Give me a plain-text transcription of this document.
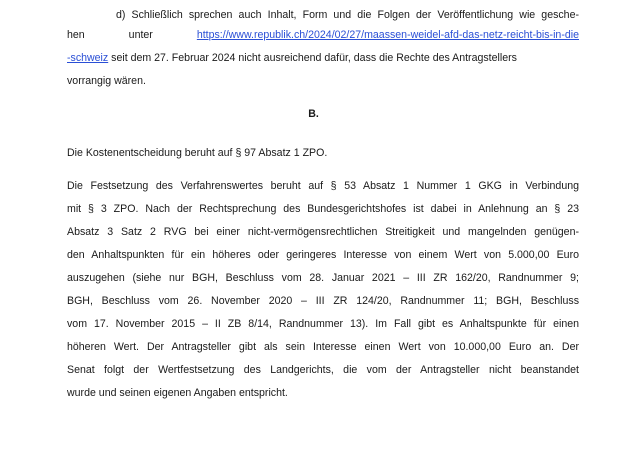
d) Schließlich sprechen auch Inhalt, Form und die Folgen der Veröffentlichung wie gesche-
hen unter	https://www.republik.ch/2024/02/27/maassen-weidel-afd-das-netz-reicht-bis-in-die
-schweiz seit dem 27. Februar 2024 nicht ausreichend dafür, dass die Rechte des Antragstellers
vorrangig wären.
B.
Die Kostenentscheidung beruht auf § 97 Absatz 1 ZPO.
Die Festsetzung des Verfahrenswertes beruht auf § 53 Absatz 1 Nummer 1 GKG in Verbindung
mit § 3 ZPO. Nach der Rechtsprechung des Bundesgerichtshofes ist dabei in Anlehnung an § 23
Absatz 3 Satz 2 RVG bei einer nicht-vermögensrechtlichen Streitigkeit und mangelnden genügen-
den Anhaltspunkten für ein höheres oder geringeres Interesse von einem Wert von 5.000,00 Euro
auszugehen (siehe nur BGH, Beschluss vom 28. Januar 2021 – III ZR 162/20, Randnummer 9;
BGH, Beschluss vom 26. November 2020 – III ZR 124/20, Randnummer 11; BGH, Beschluss
vom 17. November 2015 – II ZB 8/14, Randnummer 13). Im Fall gibt es Anhaltspunkte für einen
höheren Wert. Der Antragsteller gibt als sein Interesse einen Wert von 10.000,00 Euro an. Der
Senat folgt der Wertfestsetzung des Landgerichts, die vom der Antragsteller nicht beanstandet
wurde und seinen eigenen Angaben entspricht.
